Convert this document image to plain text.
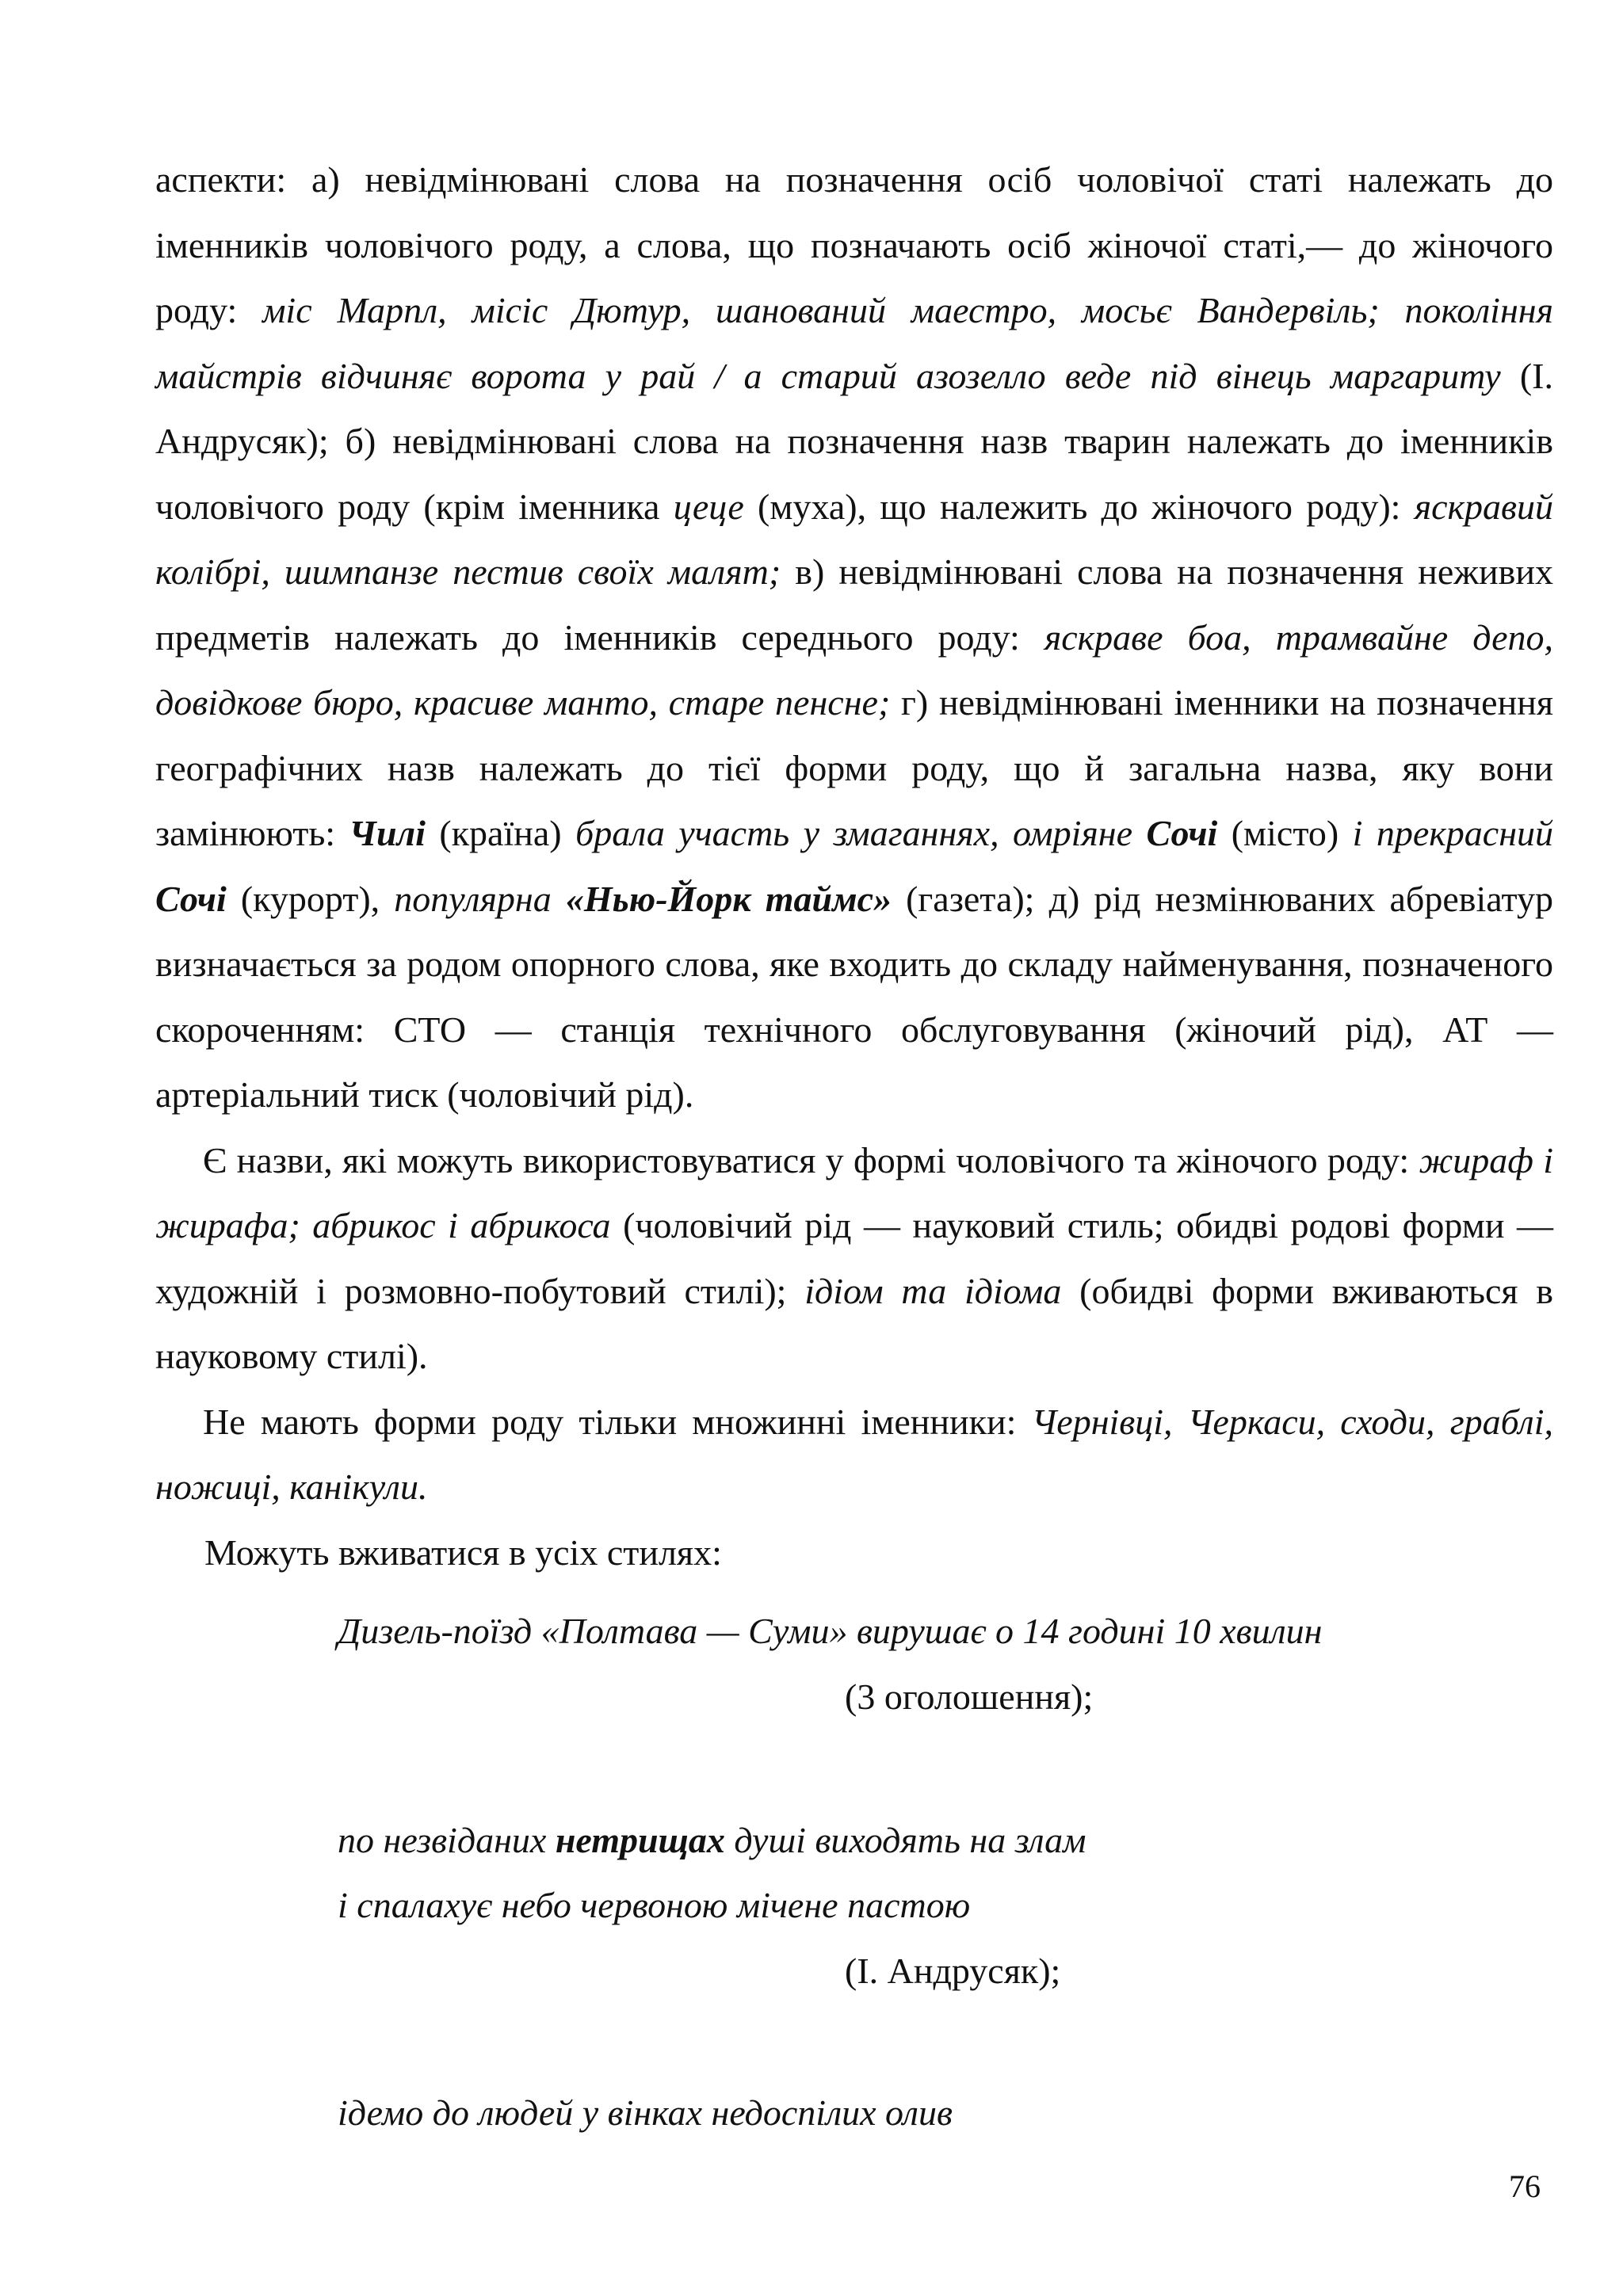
аспекти: а) невідмінювані слова на позначення осіб чоловічої статі належать до іменників чоловічого роду, а слова, що позначають осіб жіночої статі,— до жіночого роду: міс Марпл, місіс Дютур, шанований маестро, мосьє Вандервіль; покоління майстрів відчиняє ворота у рай / а старий азозелло веде під вінець маргариту (І. Андрусяк); б) невідмінювані слова на позначення назв тварин належать до іменників чоловічого роду (крім іменника цеце (муха), що належить до жіночого роду): яскравий колібрі, шимпанзе пестив своїх малят; в) невідмінювані слова на позначення неживих предметів належать до іменників середнього роду: яскраве боа, трамвайне депо, довідкове бюро, красиве манто, старе пенсне; г) невідмінювані іменники на позначення географічних назв належать до тієї форми роду, що й загальна назва, яку вони замінюють: Чилі (країна) брала участь у змаганнях, омріяне Сочі (місто) і прекрасний Сочі (курорт), популярна «Нью-Йорк таймс» (газета); д) рід незмінюваних абревіатур визначається за родом опорного слова, яке входить до складу найменування, позначеного скороченням: СТО — станція технічного обслуговування (жіночий рід), АТ — артеріальний тиск (чоловічий рід).

Є назви, які можуть використовуватися у формі чоловічого та жіночого роду: жираф і жирафа; абрикос і абрикоса (чоловічий рід — науковий стиль; обидві родові форми — художній і розмовно-побутовий стилі); ідіом та ідіома (обидві форми вживаються в науковому стилі).

Не мають форми роду тільки множинні іменники: Чернівці, Черкаси, сходи, граблі, ножиці, канікули.

Можуть вживатися в усіх стилях:

Дизель-поїзд «Полтава — Суми» вирушає о 14 годині 10 хвилин

(3 оголошення);

по незвіданих нетрищах душі виходять на злам

і спалахує небо червоною мічене пастою

(І. Андрусяк);

ідемо до людей у вінках недоспілих олив

76
